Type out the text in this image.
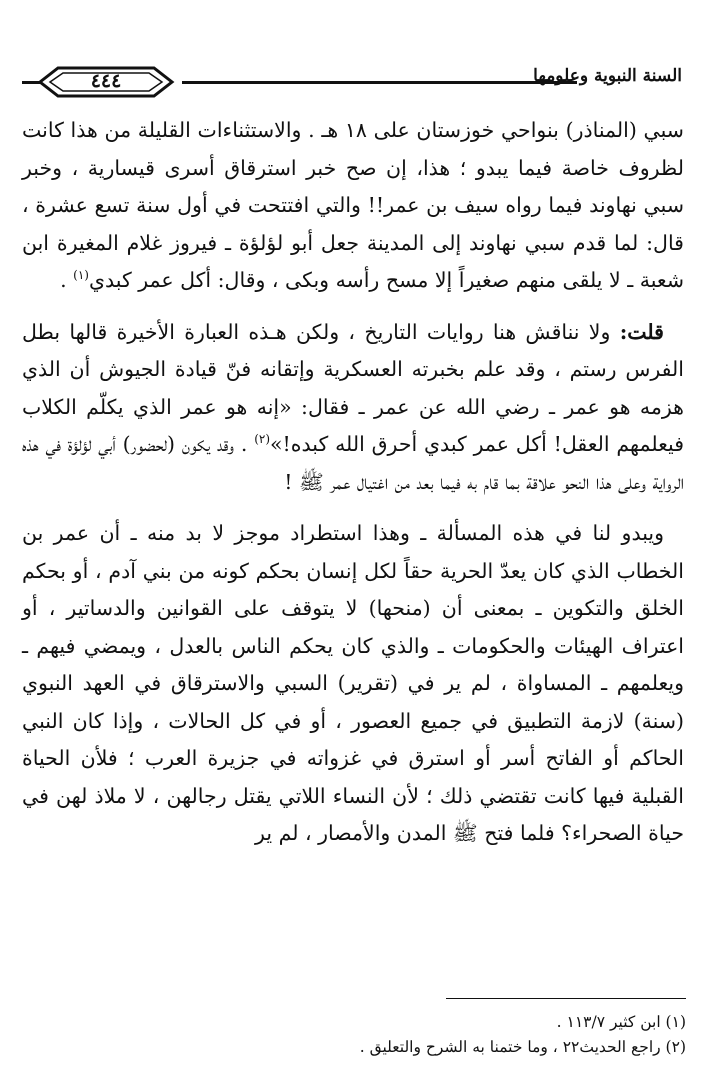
السنة النبوية وعلومها
٤٤٤

سبي (المناذر) بنواحي خوزستان على ١٨ هـ . والاستثناءات القليلة من هذا كانت لظروف خاصة فيما يبدو ؛ هذا، إن صح خبر استرقاق أسرى قيسارية ، وخبر سبي نهاوند فيما رواه سيف بن عمر!! والتي افتتحت في أول سنة تسع عشرة ، قال: لما قدم سبي نهاوند إلى المدينة جعل أبو لؤلؤة ـ فيروز غلام المغيرة ابن شعبة ـ لا يلقى منهم صغيراً إلا مسح رأسه وبكى ، وقال: أكل عمر كبدي$^{(١)}$ .

قلت: ولا نناقش هنا روايات التاريخ ، ولكن هـذه العبارة الأخيرة قالها بطل الفرس رستم ، وقد علم بخبرته العسكرية وإتقانه فنّ قيادة الجيوش أن الذي هزمه هو عمر ـ رضي الله عن عمر ـ فقال: «إنه هو عمر الذي يكلّم الكلاب فيعلمهم العقل! أكل عمر كبدي أحرق الله كبده!»$^{(٢)}$ . وقد يكون (لحضور) أبي لؤلؤة في هذه الرواية وعلى هذا النحو علاقة بما قام به فيما بعد من اغتيال عمر ﷺ !

ويبدو لنا في هذه المسألة ـ وهذا استطراد موجز لا بد منه ـ أن عمر بن الخطاب الذي كان يعدّ الحرية حقاً لكل إنسان بحكم كونه من بني آدم ، أو بحكم الخلق والتكوين ـ بمعنى أن (منحها) لا يتوقف على القوانين والدساتير ، أو اعتراف الهيئات والحكومات ـ والذي كان يحكم الناس بالعدل ، ويمضي فيهم ـ ويعلمهم ـ المساواة ، لم ير في (تقرير) السبي والاسترقاق في العهد النبوي (سنة) لازمة التطبيق في جميع العصور ، أو في كل الحالات ، وإذا كان النبي الحاكم أو الفاتح أسر أو استرق في غزواته في جزيرة العرب ؛ فلأن الحياة القبلية فيها كانت تقتضي ذلك ؛ لأن النساء اللاتي يقتل رجالهن ، لا ملاذ لهن في حياة الصحراء؟ فلما فتح ﷺ المدن والأمصار ، لم ير

(١) ابن كثير ١١٣/٧ .

(٢) راجع الحديث٢٢ ، وما ختمنا به الشرح والتعليق .
